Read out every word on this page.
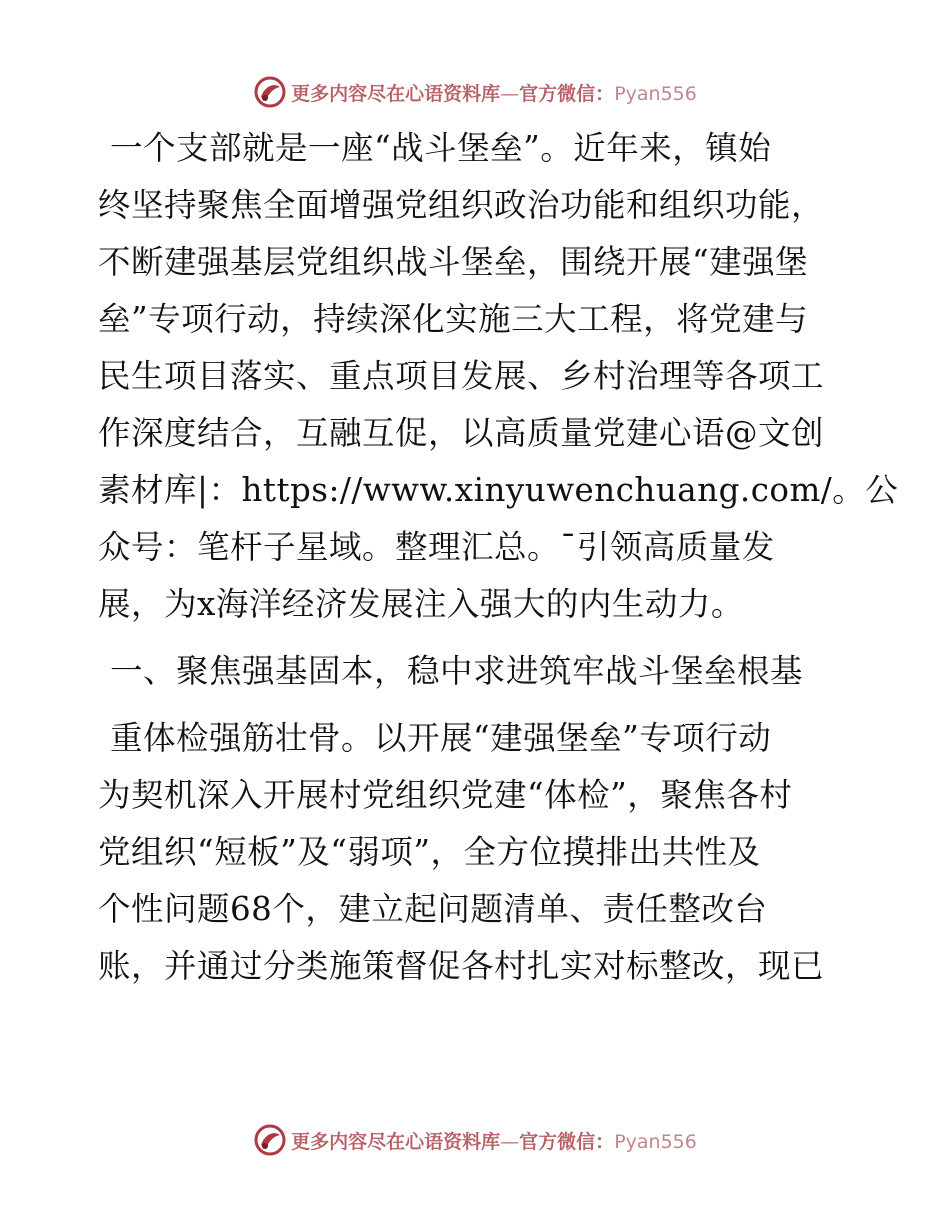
更多内容尽在心语资料库—官方微信：Pyan556
一个支部就是一座“战斗堡垒”。近年来，镇始
终坚持聚焦全面增强党组织政治功能和组织功能，
不断建强基层党组织战斗堡垒，围绕开展“建强堡
垒”专项行动，持续深化实施三大工程，将党建与
民生项目落实、重点项目发展、乡村治理等各项工
作深度结合，互融互促，以高质量党建心语@文创
素材库|：https://www.xinyuwenchuang.com/。公
众号：笔杆子星域。整理汇总。¯引领高质量发
展，为x海洋经济发展注入强大的内生动力。
一、聚焦强基固本，稳中求进筑牢战斗堡垒根基
重体检强筋壮骨。以开展“建强堡垒”专项行动
为契机深入开展村党组织党建“体检”，聚焦各村
党组织“短板”及“弱项”，全方位摸排出共性及
个性问题68个，建立起问题清单、责任整改台
账，并通过分类施策督促各村扎实对标整改，现已
更多内容尽在心语资料库—官方微信：Pyan556
